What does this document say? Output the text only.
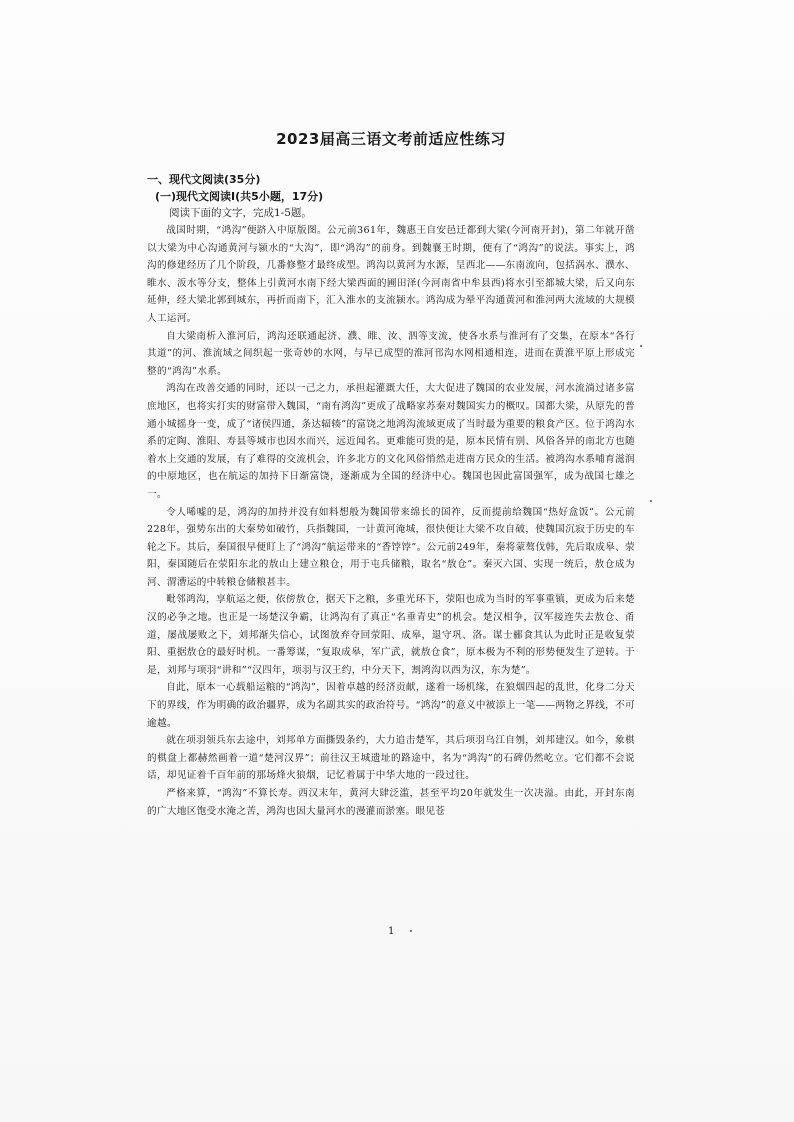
2023届高三语文考前适应性练习

一、现代文阅读(35分)

(一)现代文阅读Ⅰ(共5小题，17分)

阅读下面的文字，完成1-5题。

战国时期，“鸿沟”便跻入中原版图。公元前361年，魏惠王自安邑迁都到大梁(今河南开封)，第二年就开凿以大梁为中心沟通黄河与颍水的“大沟”，即“鸿沟”的前身。到魏襄王时期，便有了“鸿沟”的说法。事实上，鸿沟的修建经历了几个阶段，几番修整才最终成型。鸿沟以黄河为水源，呈西北——东南流向，包括涡水、濮水、睢水、汳水等分支，整体上引黄河水南下经大梁西面的圃田泽(今河南省中牟县西)将水引至都城大梁，后又向东延伸，经大梁北郭到城东，再折而南下，汇入淮水的支流颍水。鸿沟成为晕平沟通黄河和淮河两大流域的大规模人工运河。

自大梁南析入淮河后，鸿沟还联通起济、濮、睢、汝、泗等支流，使各水系与淮河有了交集，在原本“各行其道”的河、淮流域之间织起一张奇妙的水网，与早已成型的淮河邗沟水网相通相连，进而在黄淮平原上形成完整的“鸿沟”水系。

鸿沟在改善交通的同时，还以一己之力，承担起灌溉大任，大大促进了魏国的农业发展，河水流淌过诸多富庶地区，也将实打实的财富带入魏国，“南有鸿沟”更成了战略家苏秦对魏国实力的概叹。国都大梁，从原先的普通小城摇身一变，成了“诸侯四通，条达辐辏”的富饶之地鸿沟流域更成了当时最为重要的粮食产区。位于鸿沟水系的定陶、淮阳、寿县等城市也因水而兴，远近闻名。更难能可贵的是，原本民情有别、风俗各异的南北方也随着水上交通的发展，有了难得的交流机会，许多北方的文化风俗悄然走进南方民众的生活。被鸿沟水系哺育滋润的中原地区，也在航运的加持下日渐富饶，逐渐成为全国的经济中心。魏国也因此富国强军，成为战国七雄之一。

令人唏嘘的是，鸿沟的加持并没有如料想般为魏国带来绵长的国祚，反而提前给魏国“热好盒饭”。公元前228年，强势东出的大秦势如破竹，兵指魏国，一计黄河淹城，很快便让大梁不攻自破，使魏国沉寂于历史的车轮之下。其后，秦国很早便盯上了“鸿沟”航运带来的“香饽饽”。公元前249年，秦将蒙骜伐韩，先后取成皋、荥阳，秦国随后在荥阳东北的敖山上建立粮仓，用于屯兵储粮，取名“敖仓”。秦灭六国、实现一统后，敖仓成为河、渭漕运的中转粮仓储粮甚丰。

毗邻鸿沟，享航运之便，依傍敖仓，据天下之粮，多重光环下，荥阳也成为当时的军事重镇，更成为后来楚汉的必争之地。也正是一场楚汉争霸，让鸿沟有了真正“名垂青史”的机会。楚汉相争，汉军接连失去敖仓、甬道，屡战屡败之下，刘邦渐失信心，试图放弃夺回荥阳、成皋，退守巩、洛。谋士郦食其认为此时正是收复荥阳、重据敖仓的最好时机。一番筹谋，“复取成皋，军广武，就敖仓食”，原本极为不利的形势便发生了逆转。于是，刘邦与项羽“讲和”“汉四年，项羽与汉王约，中分天下，割鸿沟以西为汉，东为楚”。

自此，原本一心载船运粮的“鸿沟”，因着卓越的经济贡献，遂着一场机缘，在狼烟四起的乱世，化身二分天下的界线，作为明确的政治疆界，成为名副其实的政治符号。“鸿沟”的意义中被添上一笔——两物之界线，不可逾越。

就在项羽领兵东去途中，刘邦单方面撕毁条约，大力追击楚军，其后项羽乌江自刎，刘邦建汉。如今，象棋的棋盘上都赫然画着一道“楚河汉界”；前往汉王城遗址的路途中，名为“鸿沟”的石碑仍然屹立。它们都不会说话，却见证着千百年前的那场烽火狼烟，记忆着属于中华大地的一段过往。

严格来算，“鸿沟”不算长寿。西汉末年，黄河大肆泛滥，甚至平均20年就发生一次决溢。由此，开封东南的广大地区饱受水淹之苦，鸿沟也因大量河水的漫灌而淤塞。眼见苍

1
